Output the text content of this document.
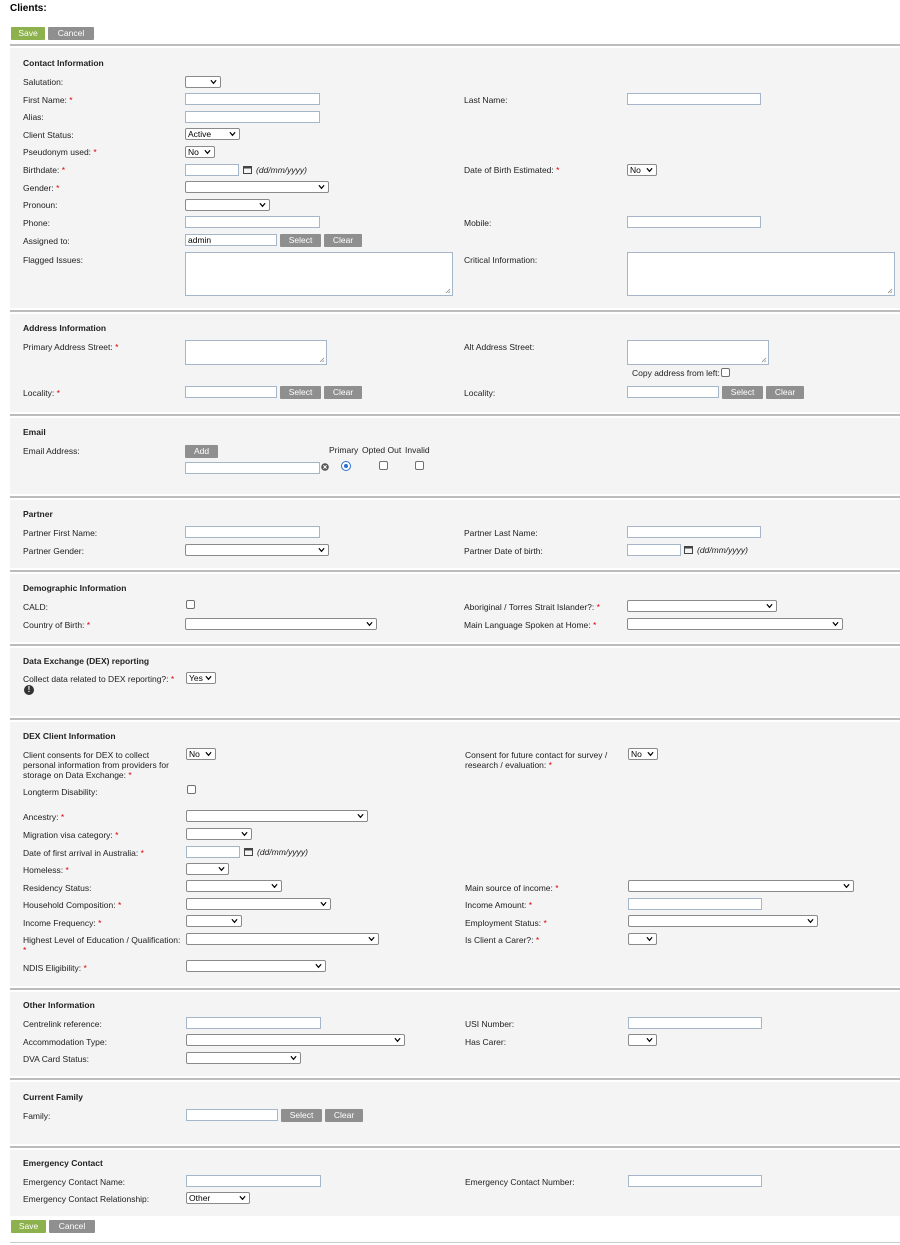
Clients:
Save	Cancel
Contact Information
Salutation:
First Name: *	Last Name:
Alias:
Client Status:	Active
Pseudonym used: *	No
Birthdate: *	(dd/mm/yyyy)	Date of Birth Estimated: *	No
Gender: *
Pronoun:
Phone:	Mobile:
Assigned to:	admin	Select	Clear
Flagged Issues:	Critical Information:
Address Information
Primary Address Street: *	Alt Address Street:
Copy address from left:
Locality: *	Select	Clear	Locality:	Select	Clear
Email
Email Address:	Add	Primary Opted Out Invalid
Partner
Partner First Name:	Partner Last Name:
Partner Gender:	Partner Date of birth:	(dd/mm/yyyy)
Demographic Information
CALD:	Aboriginal / Torres Strait Islander?: *
Country of Birth: *	Main Language Spoken at Home: *
Data Exchange (DEX) reporting
Collect data related to DEX reporting?: *	Yes
!
DEX Client Information
Client consents for DEX to collect
personal information from providers for
storage on Data Exchange: *
No	Consent for future contact for survey /
research / evaluation: *
No
Longterm Disability:
Ancestry: *
Migration visa category: *
Date of first arrival in Australia: *	(dd/mm/yyyy)
Homeless: *
Residency Status:	Main source of income: *
Household Composition: *	Income Amount: *
Income Frequency: *	Employment Status: *
Highest Level of Education / Qualification:
*
Is Client a Carer?: *
NDIS Eligibility: *
Other Information
Centrelink reference:	USI Number:
Accommodation Type:	Has Carer:
DVA Card Status:
Current Family
Family:	Select	Clear
Emergency Contact
Emergency Contact Name:	Emergency Contact Number:
Emergency Contact Relationship:	Other
Save	Cancel
